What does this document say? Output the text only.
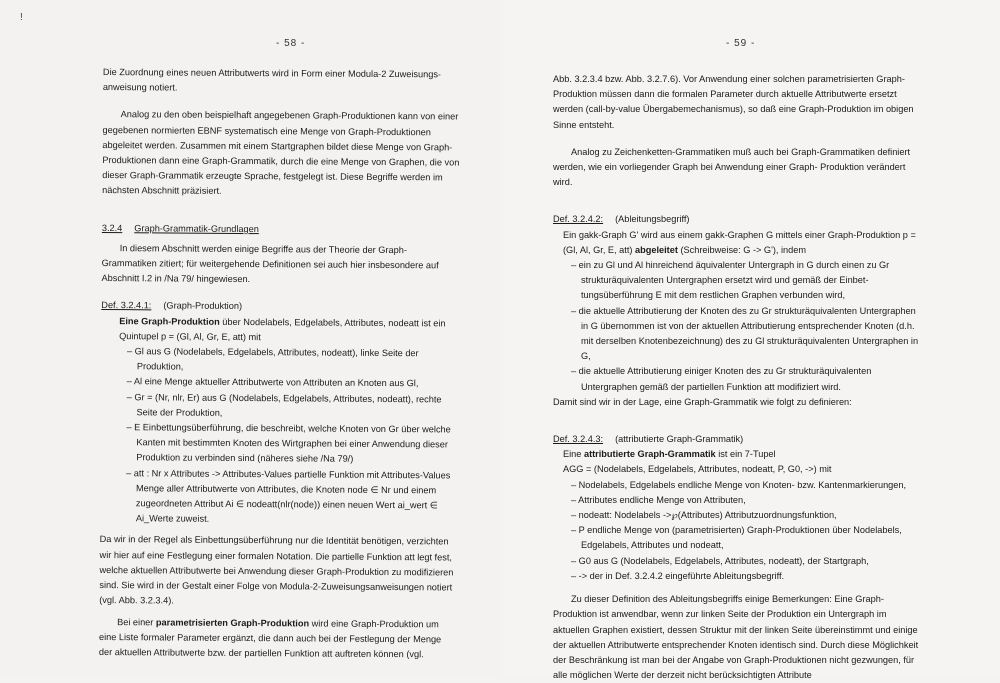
!
- 58 -

Die Zuordnung eines neuen Attributwerts wird in Form einer Modula-2 Zuweisungs- anweisung notiert.

Analog zu den oben beispielhaft angegebenen Graph-Produktionen kann von einer gegebenen normierten EBNF systematisch eine Menge von Graph-Produktionen abgeleitet werden. Zusammen mit einem Startgraphen bildet diese Menge von Graph-Produktionen dann eine Graph-Grammatik, durch die eine Menge von Graphen, die von dieser Graph-Grammatik erzeugte Sprache, festgelegt ist. Diese Begriffe werden im nächsten Abschnitt präzisiert.

3.2.4 Graph-Grammatik-Grundlagen

In diesem Abschnitt werden einige Begriffe aus der Theorie der Graph- Grammatiken zitiert; für weitergehende Definitionen sei auch hier insbesondere auf Abschnitt I.2 in /Na 79/ hingewiesen.

Def. 3.2.4.1: (Graph-Produktion)

Eine Graph-Produktion über Nodelabels, Edgelabels, Attributes, nodeatt ist ein Quintupel p = (Gl, Al, Gr, E, att) mit

– Gl aus G (Nodelabels, Edgelabels, Attributes, nodeatt), linke Seite der Produktion,

– Al eine Menge aktueller Attributwerte von Attributen an Knoten aus Gl,

– Gr = (Nr, nlr, Er) aus G (Nodelabels, Edgelabels, Attributes, nodeatt), rechte Seite der Produktion,

– E Einbettungsüberführung, die beschreibt, welche Knoten von Gr über welche Kanten mit bestimmten Knoten des Wirtgraphen bei einer Anwendung dieser Produktion zu verbinden sind (näheres siehe /Na 79/)

– att : Nr x Attributes -> Attributes-Values partielle Funktion mit Attributes-Values Menge aller Attributwerte von Attributes, die Knoten node ∈ Nr und einem zugeordneten Attribut Ai ∈ nodeatt(nlr(node)) einen neuen Wert ai_wert ∈ Ai_Werte zuweist.

Da wir in der Regel als Einbettungsüberführung nur die Identität benötigen, verzichten wir hier auf eine Festlegung einer formalen Notation. Die partielle Funktion att legt fest, welche aktuellen Attributwerte bei Anwendung dieser Graph-Produktion zu modifizieren sind. Sie wird in der Gestalt einer Folge von Modula-2-Zuweisungsanweisungen notiert (vgl. Abb. 3.2.3.4).

Bei einer parametrisierten Graph-Produktion wird eine Graph-Produktion um eine Liste formaler Parameter ergänzt, die dann auch bei der Festlegung der Menge der aktuellen Attributwerte bzw. der partiellen Funktion att auftreten können (vgl.

- 59 -

Abb. 3.2.3.4 bzw. Abb. 3.2.7.6). Vor Anwendung einer solchen parametrisierten Graph-Produktion müssen dann die formalen Parameter durch aktuelle Attributwerte ersetzt werden (call-by-value Übergabemechanismus), so daß eine Graph-Produktion im obigen Sinne entsteht.

Analog zu Zeichenketten-Grammatiken muß auch bei Graph-Grammatiken definiert werden, wie ein vorliegender Graph bei Anwendung einer Graph- Produktion verändert wird.

Def. 3.2.4.2: (Ableitungsbegriff)

Ein gakk-Graph G' wird aus einem gakk-Graphen G mittels einer Graph-Produktion p = (Gl, Al, Gr, E, att) abgeleitet (Schreibweise: G -> G'), indem

– ein zu Gl und Al hinreichend äquivalenter Untergraph in G durch einen zu Gr strukturäquivalenten Untergraphen ersetzt wird und gemäß der Einbet- tungsüberführung E mit dem restlichen Graphen verbunden wird,

– die aktuelle Attributierung der Knoten des zu Gr strukturäquivalenten Untergraphen in G übernommen ist von der aktuellen Attributierung entsprechender Knoten (d.h. mit derselben Knotenbezeichnung) des zu Gl strukturäquivalenten Untergraphen in G,

– die aktuelle Attributierung einiger Knoten des zu Gr strukturäquivalenten Untergraphen gemäß der partiellen Funktion att modifiziert wird.

Damit sind wir in der Lage, eine Graph-Grammatik wie folgt zu definieren:

Def. 3.2.4.3: (attributierte Graph-Grammatik)

Eine attributierte Graph-Grammatik ist ein 7-Tupel

AGG = (Nodelabels, Edgelabels, Attributes, nodeatt, P, G0, ->) mit

– Nodelabels, Edgelabels endliche Menge von Knoten- bzw. Kantenmarkierungen,

– Attributes endliche Menge von Attributen,

– nodeatt: Nodelabels ->℘(Attributes) Attributzuordnungsfunktion,

– P endliche Menge von (parametrisierten) Graph-Produktionen über Nodelabels, Edgelabels, Attributes und nodeatt,

– G0 aus G (Nodelabels, Edgelabels, Attributes, nodeatt), der Startgraph,

– -> der in Def. 3.2.4.2 eingeführte Ableitungsbegriff.

Zu dieser Definition des Ableitungsbegriffs einige Bemerkungen: Eine Graph- Produktion ist anwendbar, wenn zur linken Seite der Produktion ein Untergraph im aktuellen Graphen existiert, dessen Struktur mit der linken Seite übereinstimmt und einige der aktuellen Attributwerte entsprechender Knoten identisch sind. Durch diese Möglichkeit der Beschränkung ist man bei der Angabe von Graph-Produktionen nicht gezwungen, für alle möglichen Werte der derzeit nicht berücksichtigten Attribute
